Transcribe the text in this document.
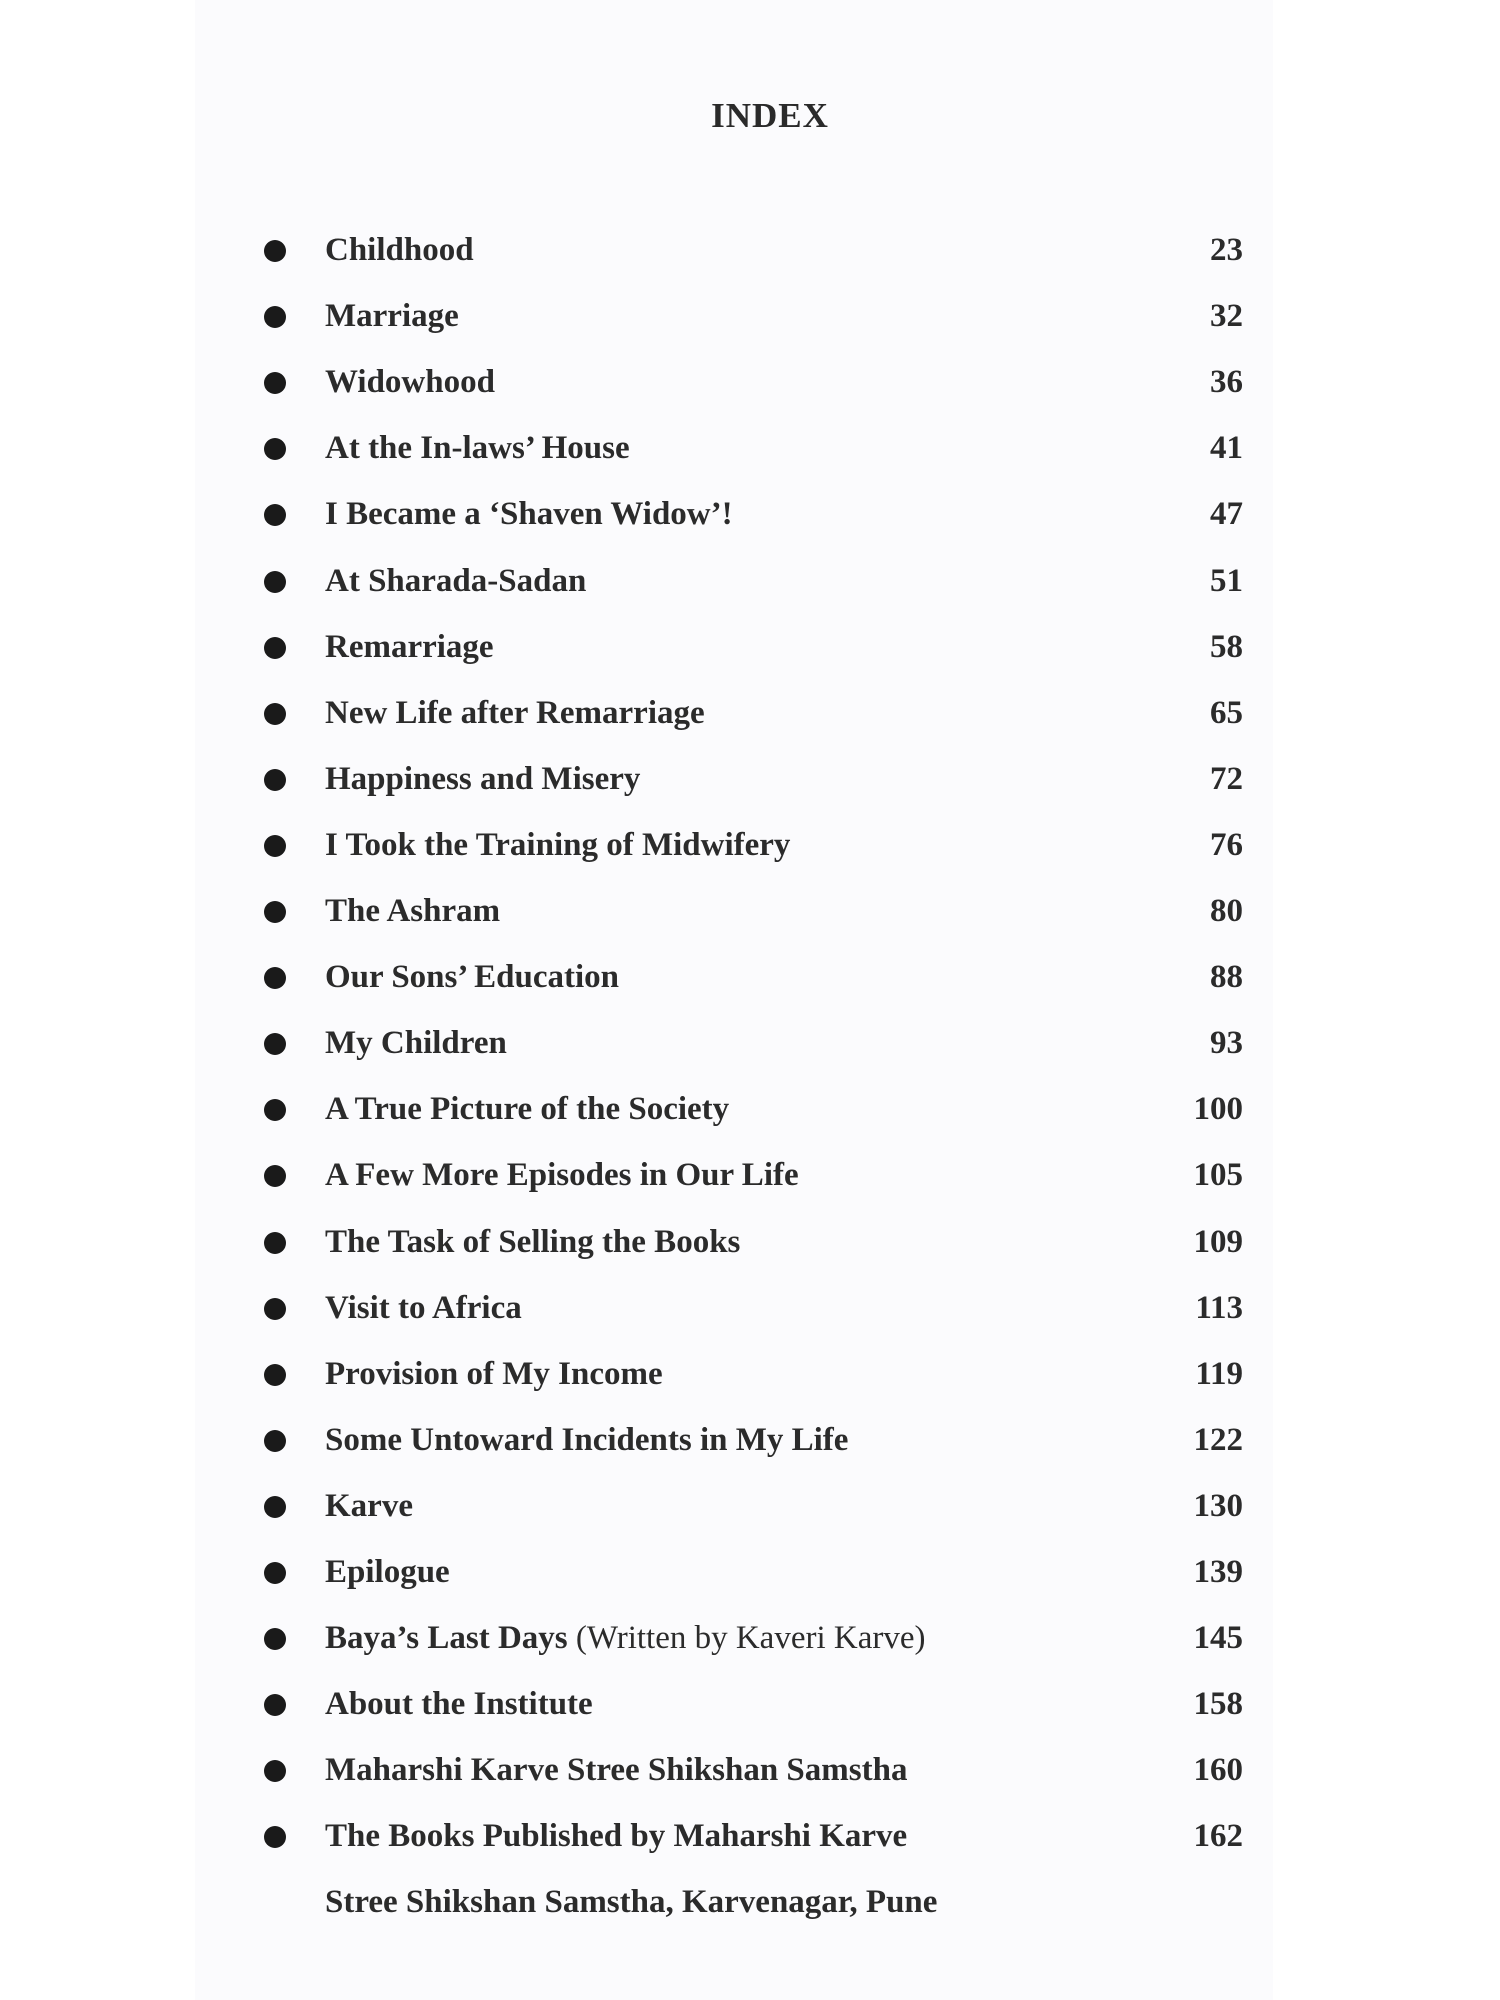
INDEX
Childhood	23
Marriage	32
Widowhood	36
At the In-laws’ House	41
I Became a ‘Shaven Widow’!	47
At Sharada-Sadan	51
Remarriage	58
New Life after Remarriage	65
Happiness and Misery	72
I Took the Training of Midwifery	76
The Ashram	80
Our Sons’ Education	88
My Children	93
A True Picture of the Society	100
A Few More Episodes in Our Life	105
The Task of Selling the Books	109
Visit to Africa	113
Provision of My Income	119
Some Untoward Incidents in My Life	122
Karve	130
Epilogue	139
Baya’s Last Days (Written by Kaveri Karve)	145
About the Institute	158
Maharshi Karve Stree Shikshan Samstha	160
The Books Published by Maharshi Karve	162
Stree Shikshan Samstha, Karvenagar, Pune
